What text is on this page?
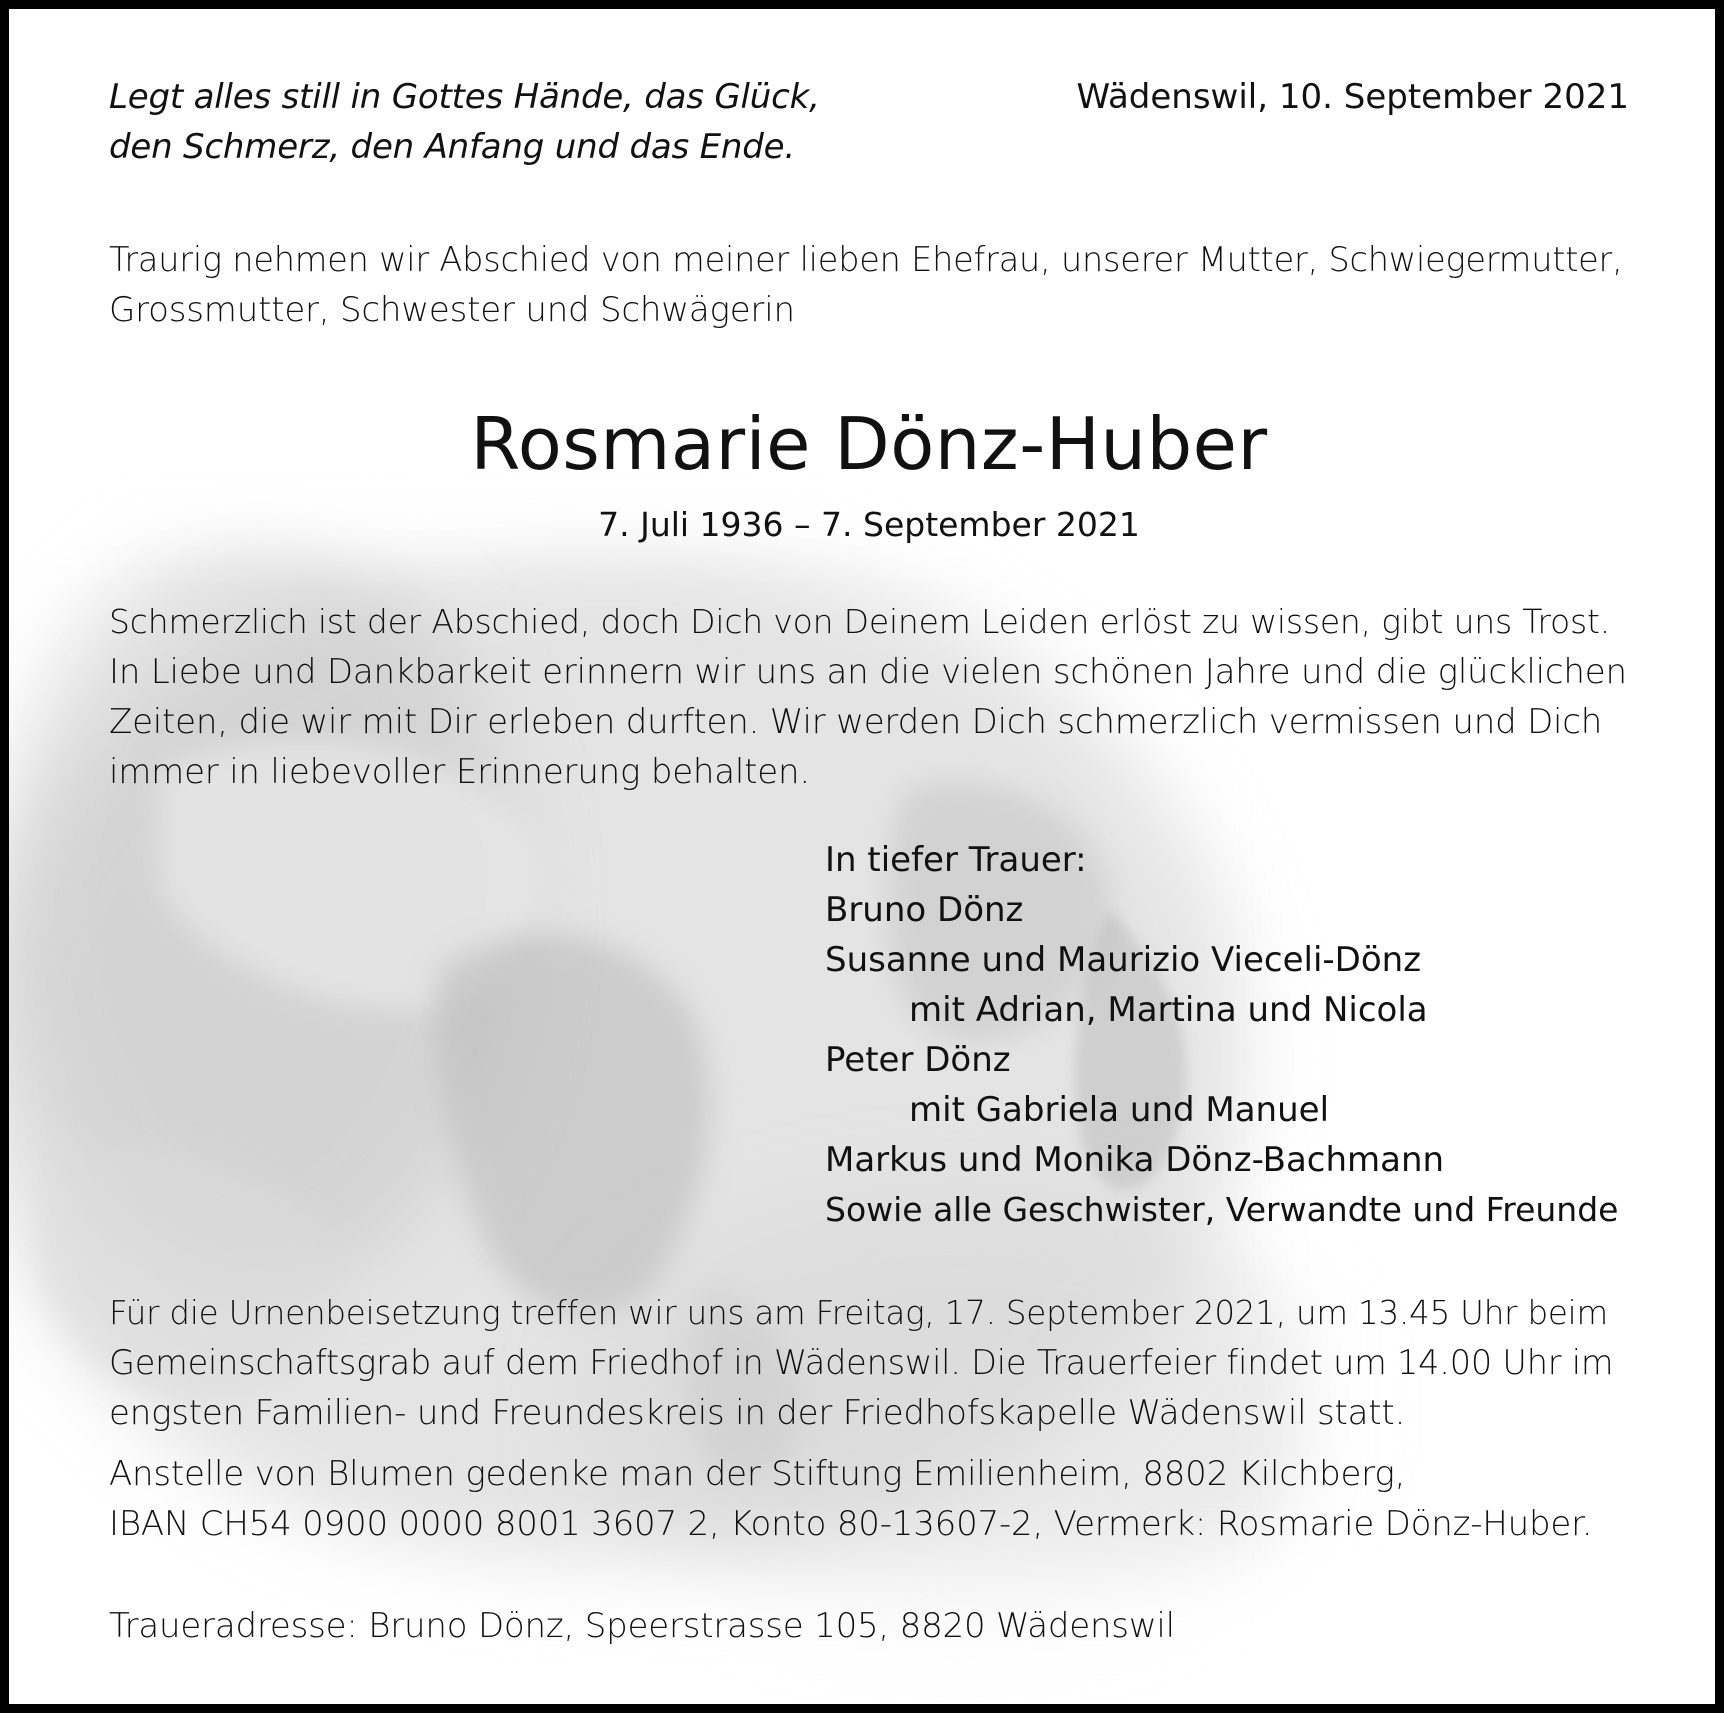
Legt alles still in Gottes Hände, das Glück,
den Schmerz, den Anfang und das Ende.
Wädenswil, 10. September 2021
Traurig nehmen wir Abschied von meiner lieben Ehefrau, unserer Mutter, Schwiegermutter,
Grossmutter, Schwester und Schwägerin
Rosmarie Dönz-Huber
7. Juli 1936 – 7. September 2021
Schmerzlich ist der Abschied, doch Dich von Deinem Leiden erlöst zu wissen, gibt uns Trost.
In Liebe und Dankbarkeit erinnern wir uns an die vielen schönen Jahre und die glücklichen
Zeiten, die wir mit Dir erleben durften. Wir werden Dich schmerzlich vermissen und Dich
immer in liebevoller Erinnerung behalten.
In tiefer Trauer:
Bruno Dönz
Susanne und Maurizio Vieceli-Dönz
mit Adrian, Martina und Nicola
Peter Dönz
mit Gabriela und Manuel
Markus und Monika Dönz-Bachmann
Sowie alle Geschwister, Verwandte und Freunde
Für die Urnenbeisetzung treffen wir uns am Freitag, 17. September 2021, um 13.45 Uhr beim
Gemeinschaftsgrab auf dem Friedhof in Wädenswil. Die Trauerfeier findet um 14.00 Uhr im
engsten Familien- und Freundeskreis in der Friedhofskapelle Wädenswil statt.
Anstelle von Blumen gedenke man der Stiftung Emilienheim, 8802 Kilchberg,
IBAN CH54 0900 0000 8001 3607 2, Konto 80-13607-2, Vermerk: Rosmarie Dönz-Huber.
Traueradresse: Bruno Dönz, Speerstrasse 105, 8820 Wädenswil
